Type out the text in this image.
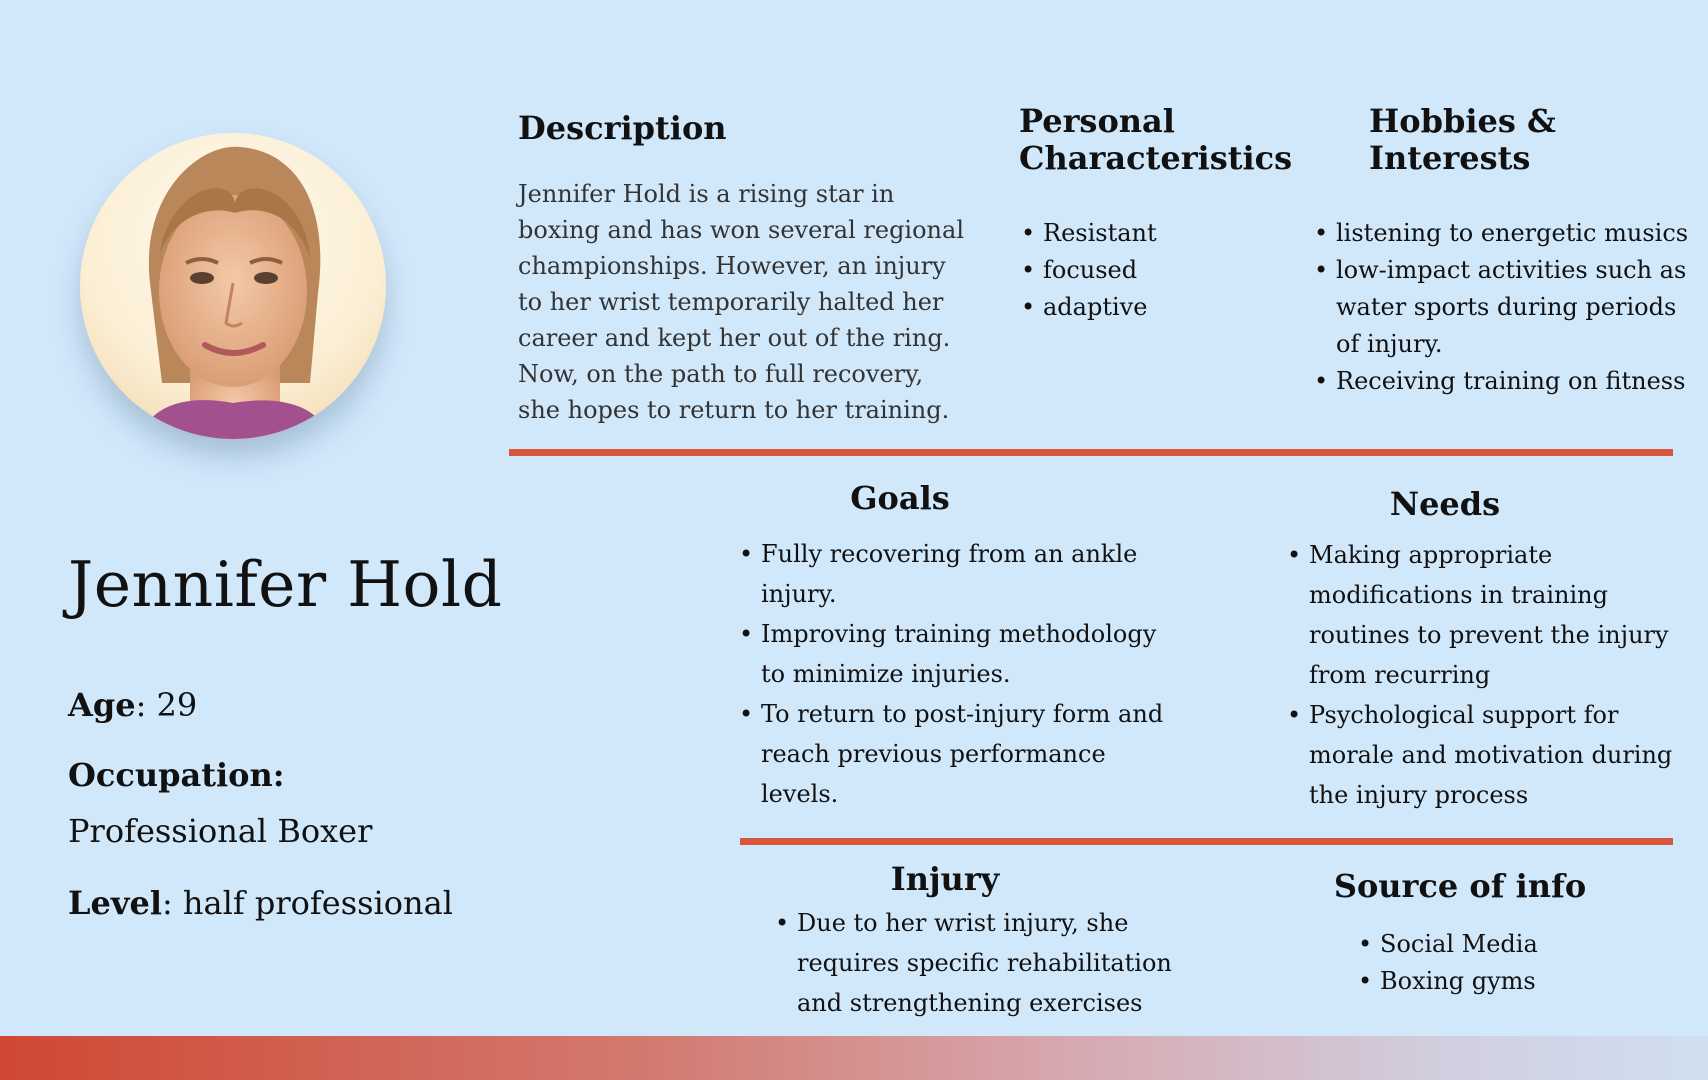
Jennifer Hold

Age: 29

Occupation:

Professional Boxer

Level: half professional

Description

Jennifer Hold is a rising star in boxing and has won several regional championships. However, an injury to her wrist temporarily halted her career and kept her out of the ring. Now, on the path to full recovery, she hopes to return to her training.

Personal
Characteristics
• Resistant
• focused
• adaptive
Hobbies &
Interests
• listening to energetic musics
• low-impact activities such as water sports during periods of injury.
• Receiving training on fitness
Goals
• Fully recovering from an ankle injury.
• Improving training methodology to minimize injuries.
• To return to post-injury form and reach previous performance levels.
Needs
• Making appropriate modifications in training routines to prevent the injury from recurring
• Psychological support for morale and motivation during the injury process
Injury
• Due to her wrist injury, she requires specific rehabilitation and strengthening exercises
Source of info
• Social Media
• Boxing gyms
